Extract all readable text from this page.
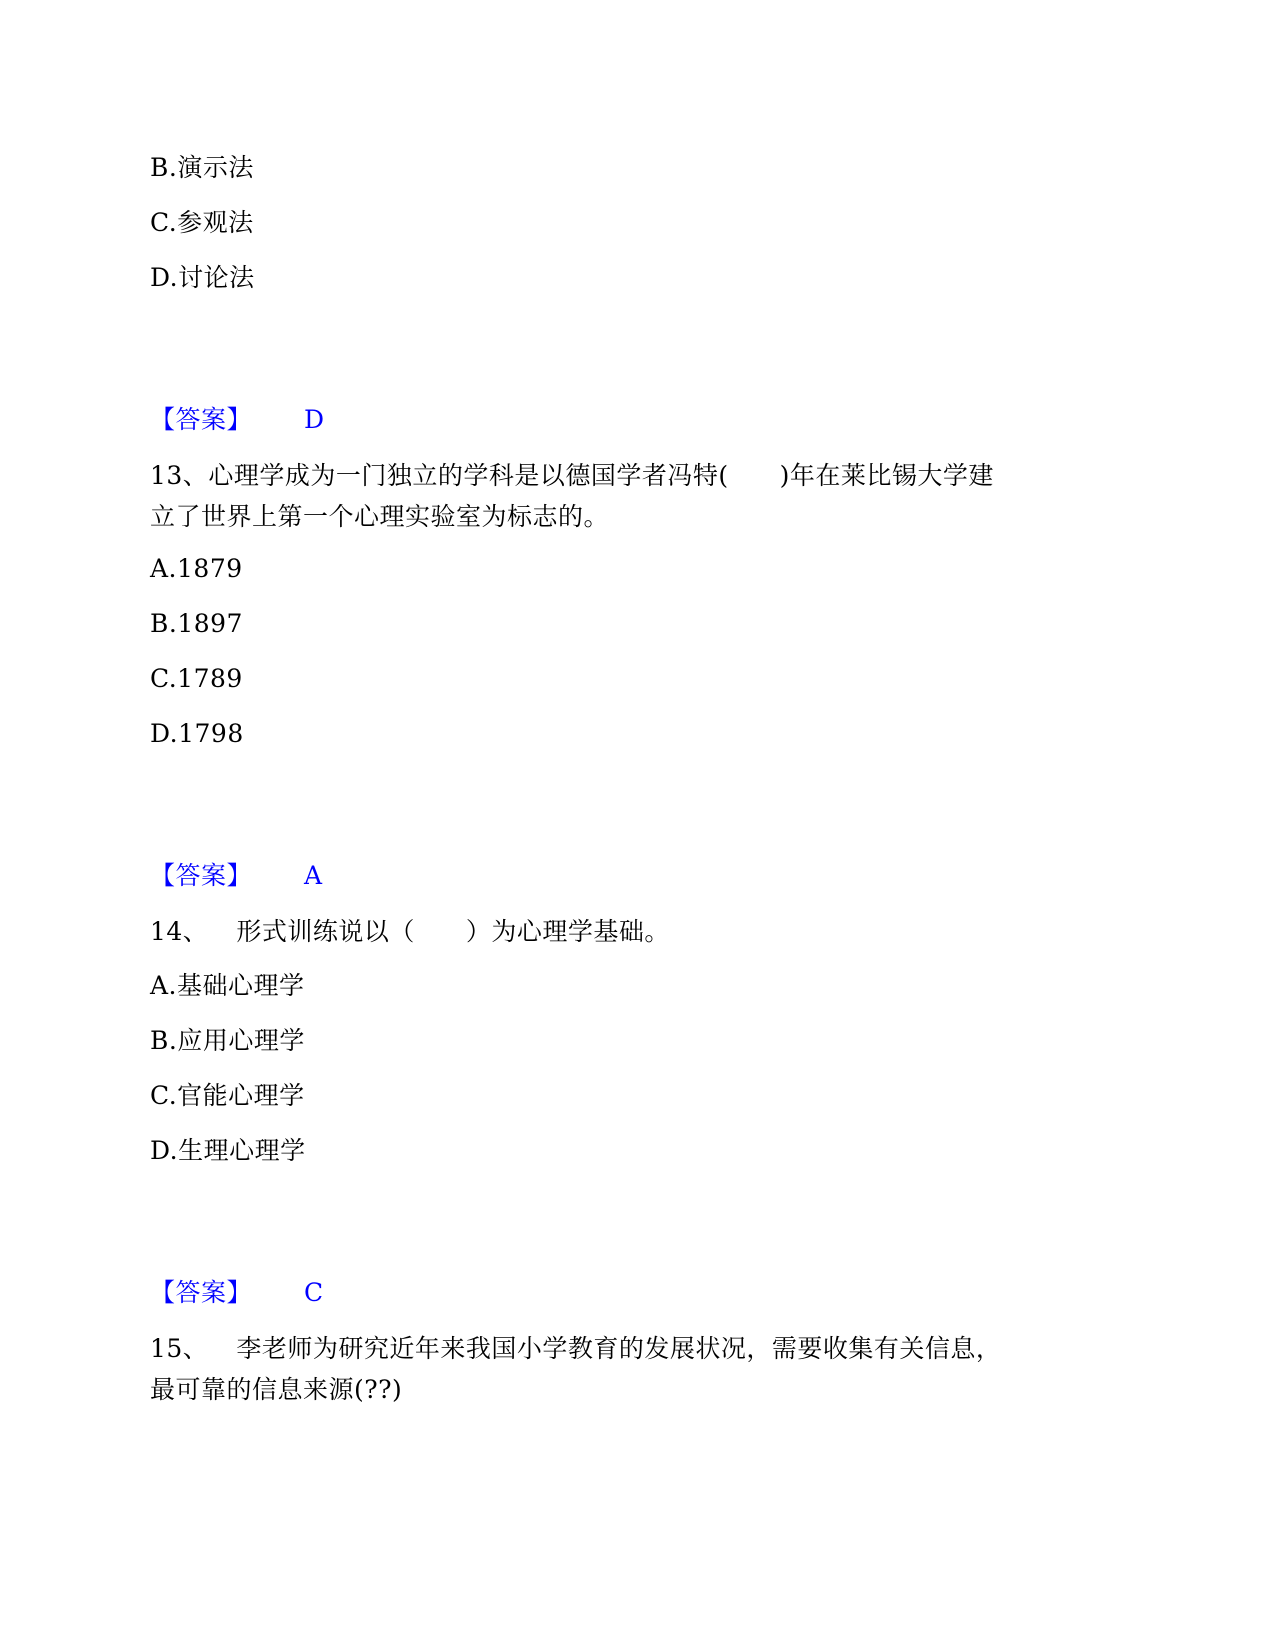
B.演示法
C.参观法
D.讨论法
【答案】 D
13、心理学成为一门独立的学科是以德国学者冯特(　　)年在莱比锡大学建
立了世界上第一个心理实验室为标志的。
A.1879
B.1897
C.1789
D.1798
【答案】 A
14、 形式训练说以（　　）为心理学基础。
A.基础心理学
B.应用心理学
C.官能心理学
D.生理心理学
【答案】 C
15、 李老师为研究近年来我国小学教育的发展状况，需要收集有关信息，
最可靠的信息来源(??)
